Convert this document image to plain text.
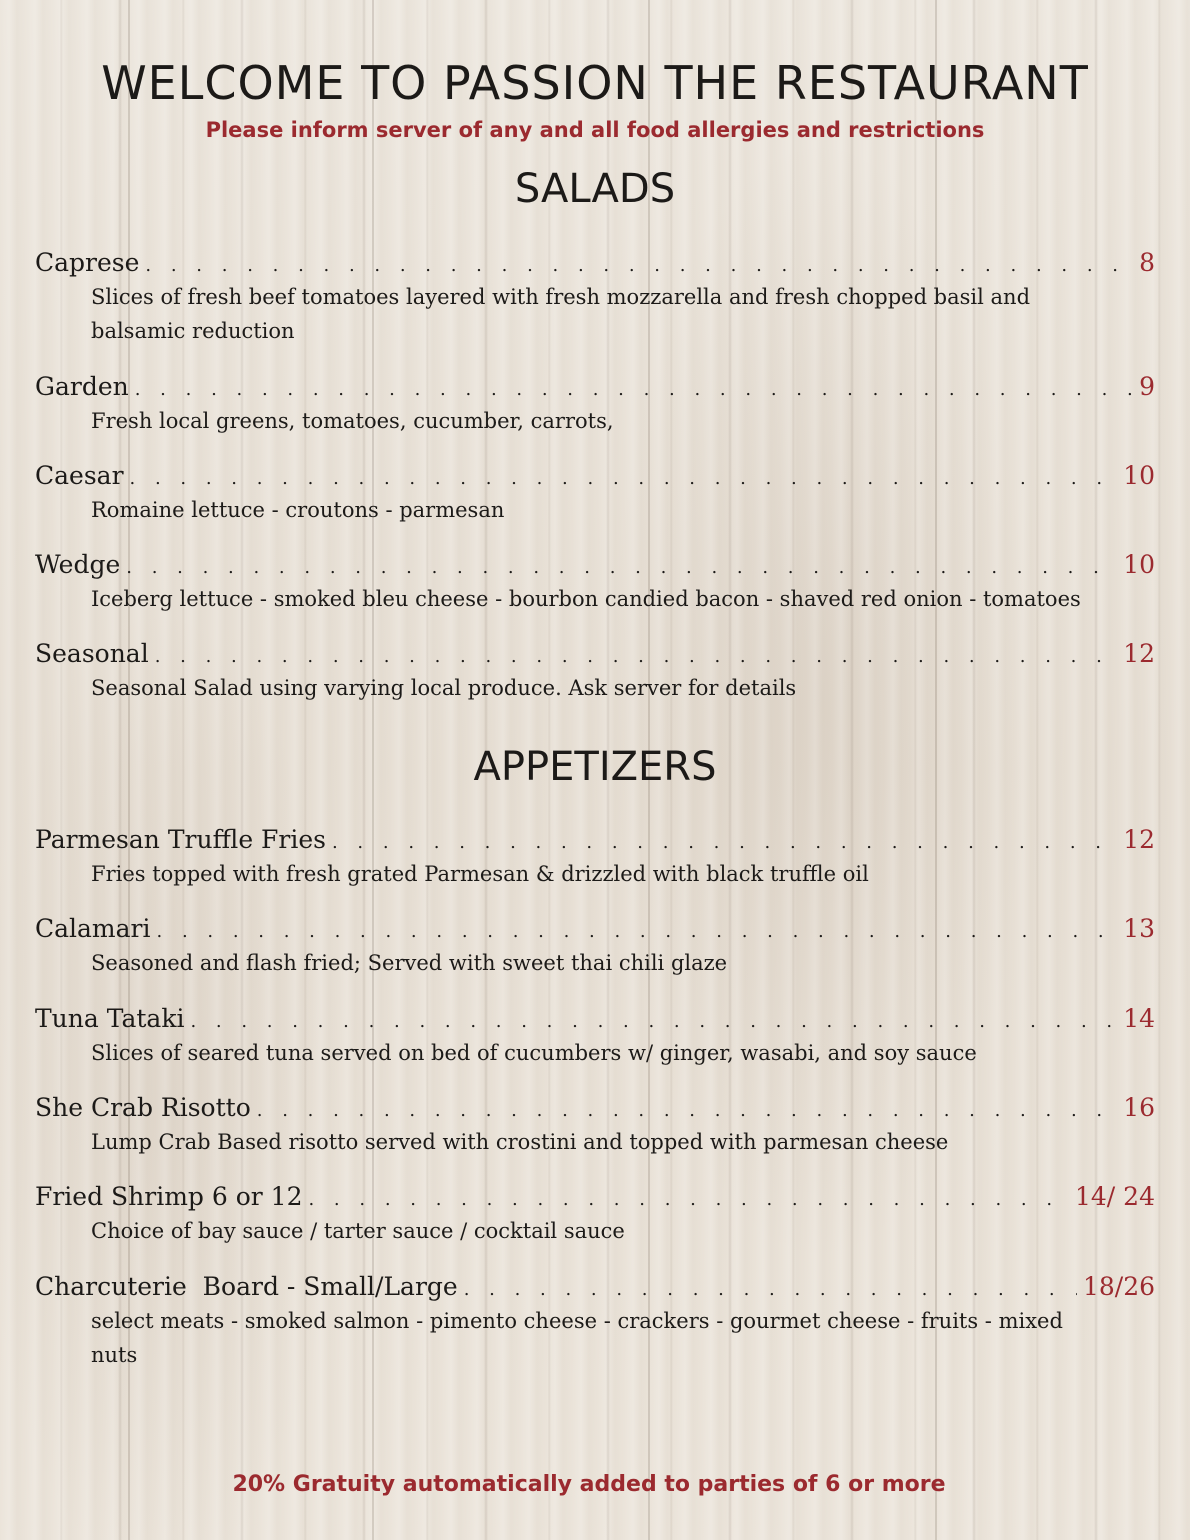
WELCOME TO PASSION THE RESTAURANT
Please inform server of any and all food allergies and restrictions
SALADS
Caprese . . .	8
Slices of fresh beef tomatoes layered with fresh mozzarella and fresh chopped basil and balsamic reduction
Garden . . .	9
Fresh local greens, tomatoes, cucumber, carrots,
Caesar . . .	10
Romaine lettuce - croutons - parmesan
Wedge . . .	10
Iceberg lettuce - smoked bleu cheese - bourbon candied bacon - shaved red onion - tomatoes
Seasonal . . .	12
Seasonal Salad using varying local produce. Ask server for details
APPETIZERS
Parmesan Truffle Fries . . .	12
Fries topped with fresh grated Parmesan & drizzled with black truffle oil
Calamari . . .	13
Seasoned and flash fried; Served with sweet thai chili glaze
Tuna Tataki . . .	14
Slices of seared tuna served on bed of cucumbers w/ ginger, wasabi, and soy sauce
She Crab Risotto . . .	16
Lump Crab Based risotto served with crostini and topped with parmesan cheese
Fried Shrimp 6 or 12 . . .	14/ 24
Choice of bay sauce / tarter sauce / cocktail sauce
Charcuterie  Board - Small/Large . . .	18/26
select meats - smoked salmon - pimento cheese - crackers - gourmet cheese - fruits - mixed nuts
20% Gratuity automatically added to parties of 6 or more
